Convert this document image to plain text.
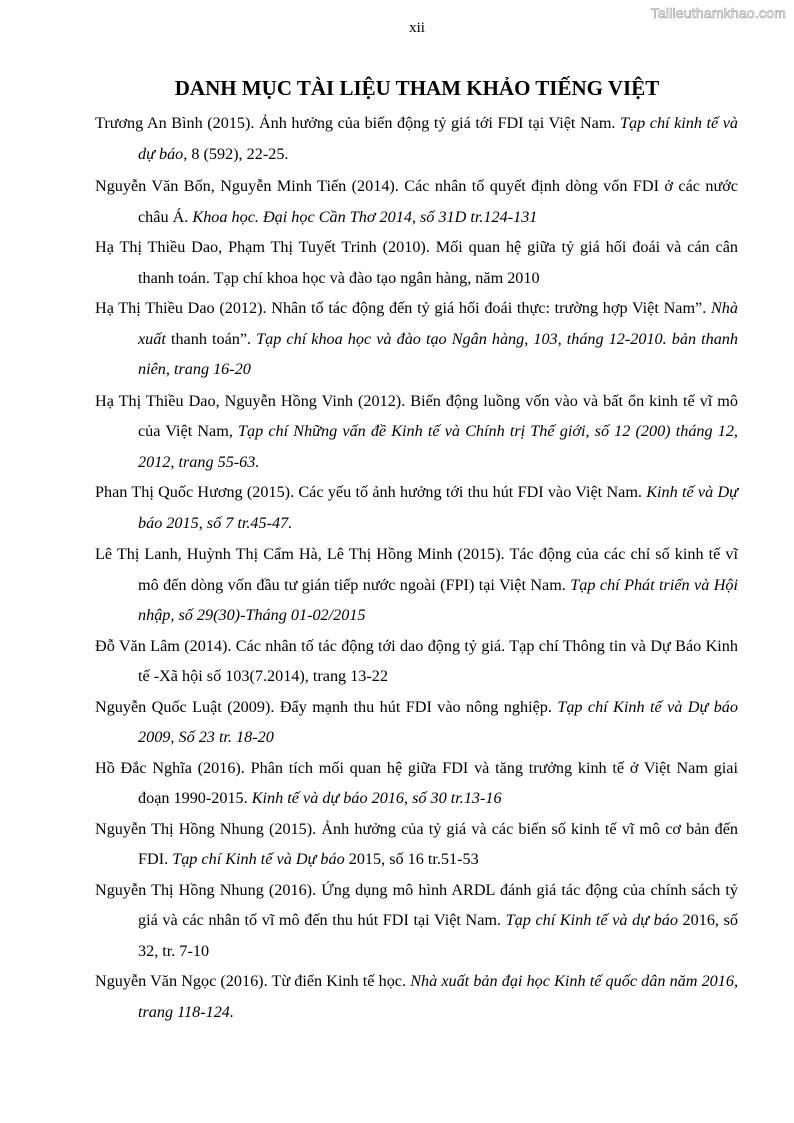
Tailieuthamkhao.com
xii
DANH MỤC TÀI LIỆU THAM KHẢO TIẾNG VIỆT
Trương An Bình (2015). Ảnh hưởng của biến động tỷ giá tới FDI tại Việt Nam. Tạp chí kinh tế và dự báo, 8 (592), 22-25.
Nguyễn Văn Bốn, Nguyễn Minh Tiến (2014). Các nhân tố quyết định dòng vốn FDI ở các nước châu Á. Khoa học. Đại học Cần Thơ 2014, số 31D tr.124-131
Hạ Thị Thiều Dao, Phạm Thị Tuyết Trinh (2010). Mối quan hệ giữa tỷ giá hối đoái và cán cân thanh toán. Tạp chí khoa học và đào tạo ngân hàng, năm 2010
Hạ Thị Thiều Dao (2012). Nhân tố tác động đến tỷ giá hối đoái thực: trường hợp Việt Nam”. Nhà xuất thanh toán”. Tạp chí khoa học và đào tạo Ngân hàng, 103, tháng 12-2010. bản thanh niên, trang 16-20
Hạ Thị Thiều Dao, Nguyễn Hồng Vinh (2012). Biến động luồng vốn vào và bất ổn kinh tế vĩ mô của Việt Nam, Tạp chí Những vấn đề Kinh tế và Chính trị Thế giới, số 12 (200) tháng 12, 2012, trang 55-63.
Phan Thị Quốc Hương (2015). Các yếu tố ảnh hưởng tới thu hút FDI vào Việt Nam. Kinh tế và Dự báo 2015, số 7 tr.45-47.
Lê Thị Lanh, Huỳnh Thị Cẩm Hà, Lê Thị Hồng Minh (2015). Tác động của các chỉ số kinh tế vĩ mô đến dòng vốn đầu tư gián tiếp nước ngoài (FPI) tại Việt Nam. Tạp chí Phát triển và Hội nhập, số 29(30)-Tháng 01-02/2015
Đỗ Văn Lâm (2014). Các nhân tố tác động tới dao động tỷ giá. Tạp chí Thông tin và Dự Báo Kinh tế -Xã hội số 103(7.2014), trang 13-22
Nguyễn Quốc Luật (2009). Đẩy mạnh thu hút FDI vào nông nghiệp. Tạp chí Kinh tế và Dự báo 2009, Số 23 tr. 18-20
Hồ Đắc Nghĩa (2016). Phân tích mối quan hệ giữa FDI và tăng trưởng kinh tế ở Việt Nam giai đoạn 1990-2015. Kinh tế và dự báo 2016, số 30 tr.13-16
Nguyễn Thị Hồng Nhung (2015). Ảnh hưởng của tỷ giá và các biến số kinh tế vĩ mô cơ bản đến FDI. Tạp chí Kinh tế và Dự báo 2015, số 16 tr.51-53
Nguyễn Thị Hồng Nhung (2016). Ứng dụng mô hình ARDL đánh giá tác động của chính sách tỷ giá và các nhân tố vĩ mô đến thu hút FDI tại Việt Nam. Tạp chí Kinh tế và dự báo 2016, số 32, tr. 7-10
Nguyễn Văn Ngọc (2016). Từ điển Kinh tế học. Nhà xuất bản đại học Kinh tế quốc dân năm 2016, trang 118-124.
